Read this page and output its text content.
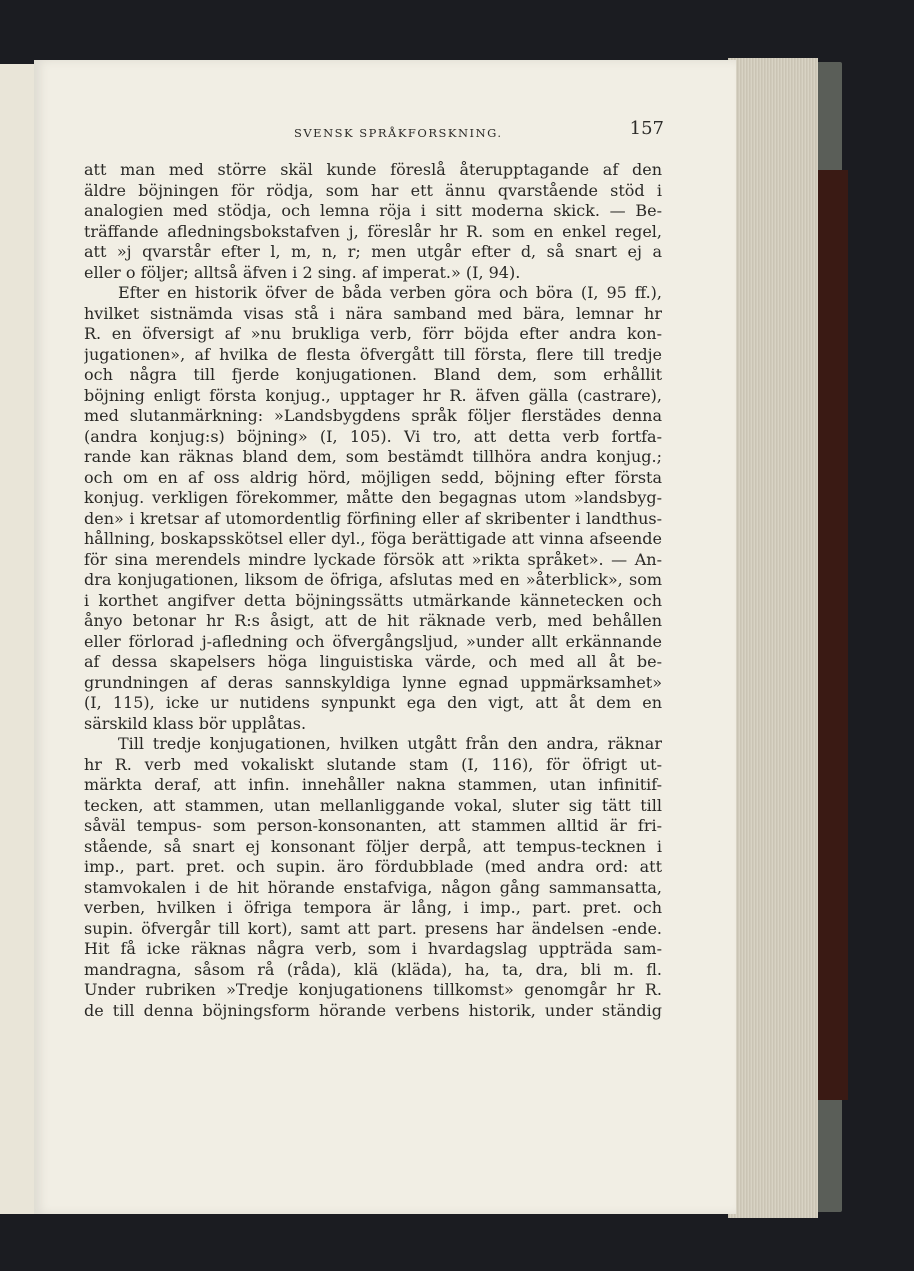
SVENSK SPRÅKFORSKNING.	157
att man med större skäl kunde föreslå återupptagande af den
äldre böjningen för rödja, som har ett ännu qvarstående stöd i
analogien med stödja, och lemna röja i sitt moderna skick. — Be-
träffande afledningsbokstafven j, föreslår hr R. som en enkel regel,
att »j qvarstår efter l, m, n, r; men utgår efter d, så snart ej a
eller o följer; alltså äfven i 2 sing. af imperat.» (I, 94).
Efter en historik öfver de båda verben göra och böra (I, 95 ff.),
hvilket sistnämda visas stå i nära samband med bära, lemnar hr
R. en öfversigt af »nu brukliga verb, förr böjda efter andra kon-
jugationen», af hvilka de flesta öfvergått till första, flere till tredje
och några till fjerde konjugationen. Bland dem, som erhållit
böjning enligt första konjug., upptager hr R. äfven gälla (castrare),
med slutanmärkning: »Landsbygdens språk följer flerstädes denna
(andra konjug:s) böjning» (I, 105). Vi tro, att detta verb fortfa-
rande kan räknas bland dem, som bestämdt tillhöra andra konjug.;
och om en af oss aldrig hörd, möjligen sedd, böjning efter första
konjug. verkligen förekommer, måtte den begagnas utom »landsbyg-
den» i kretsar af utomordentlig förfining eller af skribenter i landthus-
hållning, boskapsskötsel eller dyl., föga berättigade att vinna afseende
för sina merendels mindre lyckade försök att »rikta språket». — An-
dra konjugationen, liksom de öfriga, afslutas med en »återblick», som
i korthet angifver detta böjningssätts utmärkande kännetecken och
ånyo betonar hr R:s åsigt, att de hit räknade verb, med behållen
eller förlorad j-afledning och öfvergångsljud, »under allt erkännande
af dessa skapelsers höga linguistiska värde, och med all åt be-
grundningen af deras sannskyldiga lynne egnad uppmärksamhet»
(I, 115), icke ur nutidens synpunkt ega den vigt, att åt dem en
särskild klass bör upplåtas.
Till tredje konjugationen, hvilken utgått från den andra, räknar
hr R. verb med vokaliskt slutande stam (I, 116), för öfrigt ut-
märkta deraf, att infin. innehåller nakna stammen, utan infinitif-
tecken, att stammen, utan mellanliggande vokal, sluter sig tätt till
såväl tempus- som person-konsonanten, att stammen alltid är fri-
stående, så snart ej konsonant följer derpå, att tempus-tecknen i
imp., part. pret. och supin. äro fördubblade (med andra ord: att
stamvokalen i de hit hörande enstafviga, någon gång sammansatta,
verben, hvilken i öfriga tempora är lång, i imp., part. pret. och
supin. öfvergår till kort), samt att part. presens har ändelsen -ende.
Hit få icke räknas några verb, som i hvardagslag uppträda sam-
mandragna, såsom rå (råda), klä (kläda), ha, ta, dra, bli m. fl.
Under rubriken »Tredje konjugationens tillkomst» genomgår hr R.
de till denna böjningsform hörande verbens historik, under ständig
